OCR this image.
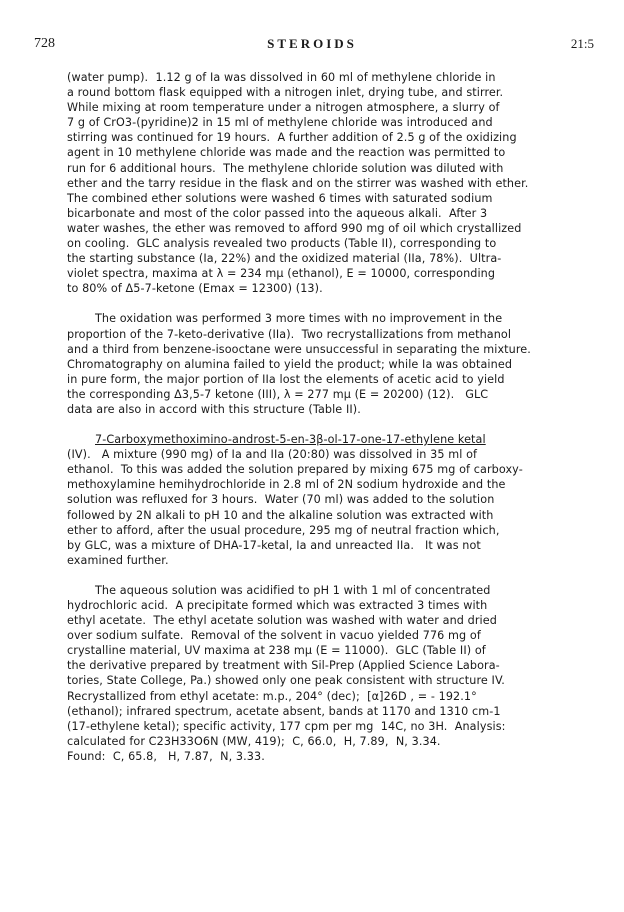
728	STEROIDS	21:5
(water pump).  1.12 g of Ia was dissolved in 60 ml of methylene chloride in
a round bottom flask equipped with a nitrogen inlet, drying tube, and stirrer.
While mixing at room temperature under a nitrogen atmosphere, a slurry of
7 g of CrO3-(pyridine)2 in 15 ml of methylene chloride was introduced and
stirring was continued for 19 hours.  A further addition of 2.5 g of the oxidizing
agent in 10 methylene chloride was made and the reaction was permitted to
run for 6 additional hours.  The methylene chloride solution was diluted with
ether and the tarry residue in the flask and on the stirrer was washed with ether.
The combined ether solutions were washed 6 times with saturated sodium
bicarbonate and most of the color passed into the aqueous alkali.  After 3
water washes, the ether was removed to afford 990 mg of oil which crystallized
on cooling.  GLC analysis revealed two products (Table II), corresponding to
the starting substance (Ia, 22%) and the oxidized material (IIa, 78%).  Ultra-
violet spectra, maxima at λ = 234 mμ (ethanol), E = 10000, corresponding
to 80% of Δ5-7-ketone (Emax = 12300) (13).
The oxidation was performed 3 more times with no improvement in the
proportion of the 7-keto-derivative (IIa).  Two recrystallizations from methanol
and a third from benzene-isooctane were unsuccessful in separating the mixture.
Chromatography on alumina failed to yield the product; while Ia was obtained
in pure form, the major portion of IIa lost the elements of acetic acid to yield
the corresponding Δ3,5-7 ketone (III), λ = 277 mμ (E = 20200) (12).   GLC
data are also in accord with this structure (Table II).
7-Carboxymethoximino-androst-5-en-3β-ol-17-one-17-ethylene ketal
(IV).   A mixture (990 mg) of Ia and IIa (20:80) was dissolved in 35 ml of
ethanol.  To this was added the solution prepared by mixing 675 mg of carboxy-
methoxylamine hemihydrochloride in 2.8 ml of 2N sodium hydroxide and the
solution was refluxed for 3 hours.  Water (70 ml) was added to the solution
followed by 2N alkali to pH 10 and the alkaline solution was extracted with
ether to afford, after the usual procedure, 295 mg of neutral fraction which,
by GLC, was a mixture of DHA-17-ketal, Ia and unreacted IIa.   It was not
examined further.
The aqueous solution was acidified to pH 1 with 1 ml of concentrated
hydrochloric acid.  A precipitate formed which was extracted 3 times with
ethyl acetate.  The ethyl acetate solution was washed with water and dried
over sodium sulfate.  Removal of the solvent in vacuo yielded 776 mg of
crystalline material, UV maxima at 238 mμ (E = 11000).  GLC (Table II) of
the derivative prepared by treatment with Sil-Prep (Applied Science Labora-
tories, State College, Pa.) showed only one peak consistent with structure IV.
Recrystallized from ethyl acetate: m.p., 204° (dec);  [α]26D , = - 192.1°
(ethanol); infrared spectrum, acetate absent, bands at 1170 and 1310 cm-1
(17-ethylene ketal); specific activity, 177 cpm per mg  14C, no 3H.  Analysis:
calculated for C23H33O6N (MW, 419);  C, 66.0,  H, 7.89,  N, 3.34.
Found:  C, 65.8,   H, 7.87,  N, 3.33.
